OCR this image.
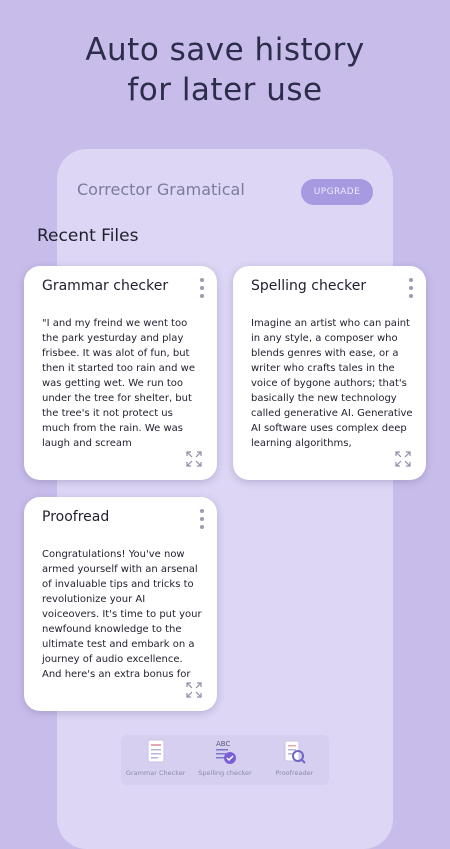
Auto save history
for later use
Corrector Gramatical	UPGRADE
Recent Files
Grammar checker
"I and my freind we went too
the park yesturday and play
frisbee. It was alot of fun, but
then it started too rain and we
was getting wet. We run too
under the tree for shelter, but
the tree's it not protect us
much from the rain. We was
laugh and scream
Spelling checker
Imagine an artist who can paint
in any style, a composer who
blends genres with ease, or a
writer who crafts tales in the
voice of bygone authors; that's
basically the new technology
called generative AI. Generative
AI software uses complex deep
learning algorithms,
Proofread
Congratulations! You've now
armed yourself with an arsenal
of invaluable tips and tricks to
revolutionize your AI
voiceovers. It's time to put your
newfound knowledge to the
ultimate test and embark on a
journey of audio excellence.
And here's an extra bonus for
Grammar Checker
ABC
Spelling checker	Proofreader
